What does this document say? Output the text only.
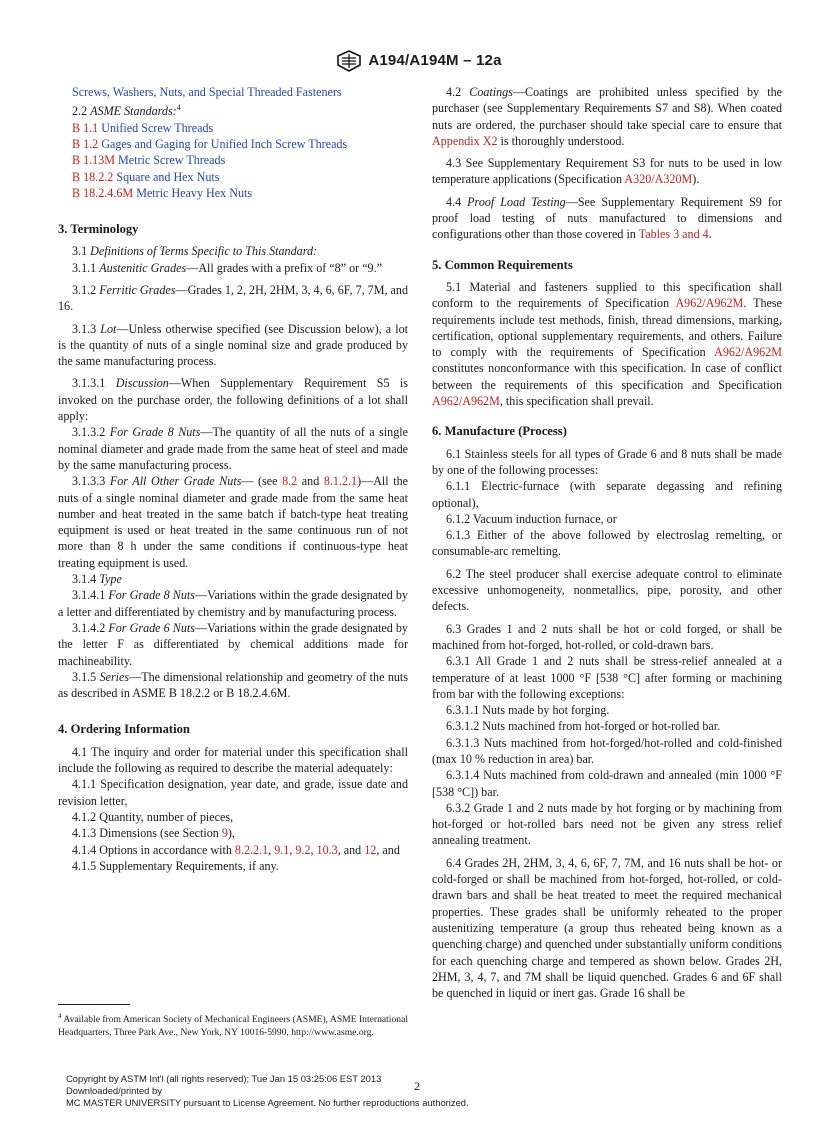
A194/A194M – 12a

Screws, Washers, Nuts, and Special Threaded Fasteners

2.2 ASME Standards:$^4$

B 1.1 Unified Screw Threads

B 1.2 Gages and Gaging for Unified Inch Screw Threads

B 1.13M Metric Screw Threads

B 18.2.2 Square and Hex Nuts

B 18.2.4.6M Metric Heavy Hex Nuts

3. Terminology

3.1 Definitions of Terms Specific to This Standard:

3.1.1 Austenitic Grades—All grades with a prefix of “8” or “9.”

3.1.2 Ferritic Grades—Grades 1, 2, 2H, 2HM, 3, 4, 6, 6F, 7, 7M, and 16.

3.1.3 Lot—Unless otherwise specified (see Discussion below), a lot is the quantity of nuts of a single nominal size and grade produced by the same manufacturing process.

3.1.3.1 Discussion—When Supplementary Requirement S5 is invoked on the purchase order, the following definitions of a lot shall apply:

3.1.3.2 For Grade 8 Nuts—The quantity of all the nuts of a single nominal diameter and grade made from the same heat of steel and made by the same manufacturing process.

3.1.3.3 For All Other Grade Nuts— (see 8.2 and 8.1.2.1)—All the nuts of a single nominal diameter and grade made from the same heat number and heat treated in the same batch if batch-type heat treating equipment is used or heat treated in the same continuous run of not more than 8 h under the same conditions if continuous-type heat treating equipment is used.

3.1.4 Type

3.1.4.1 For Grade 8 Nuts—Variations within the grade designated by a letter and differentiated by chemistry and by manufacturing process.

3.1.4.2 For Grade 6 Nuts—Variations within the grade designated by the letter F as differentiated by chemical additions made for machineability.

3.1.5 Series—The dimensional relationship and geometry of the nuts as described in ASME B 18.2.2 or B 18.2.4.6M.

4. Ordering Information

4.1 The inquiry and order for material under this specification shall include the following as required to describe the material adequately:

4.1.1 Specification designation, year date, and grade, issue date and revision letter,

4.1.2 Quantity, number of pieces,

4.1.3 Dimensions (see Section 9),

4.1.4 Options in accordance with 8.2.2.1, 9.1, 9.2, 10.3, and 12, and

4.1.5 Supplementary Requirements, if any.

4.2 Coatings—Coatings are prohibited unless specified by the purchaser (see Supplementary Requirements S7 and S8). When coated nuts are ordered, the purchaser should take special care to ensure that Appendix X2 is thoroughly understood.

4.3 See Supplementary Requirement S3 for nuts to be used in low temperature applications (Specification A320/A320M).

4.4 Proof Load Testing—See Supplementary Requirement S9 for proof load testing of nuts manufactured to dimensions and configurations other than those covered in Tables 3 and 4.

5. Common Requirements

5.1 Material and fasteners supplied to this specification shall conform to the requirements of Specification A962/A962M. These requirements include test methods, finish, thread dimensions, marking, certification, optional supplementary requirements, and others. Failure to comply with the requirements of Specification A962/A962M constitutes nonconformance with this specification. In case of conflict between the requirements of this specification and Specification A962/A962M, this specification shall prevail.

6. Manufacture (Process)

6.1 Stainless steels for all types of Grade 6 and 8 nuts shall be made by one of the following processes:

6.1.1 Electric-furnace (with separate degassing and refining optional),

6.1.2 Vacuum induction furnace, or

6.1.3 Either of the above followed by electroslag remelting, or consumable-arc remelting.

6.2 The steel producer shall exercise adequate control to eliminate excessive unhomogeneity, nonmetallics, pipe, porosity, and other defects.

6.3 Grades 1 and 2 nuts shall be hot or cold forged, or shall be machined from hot-forged, hot-rolled, or cold-drawn bars.

6.3.1 All Grade 1 and 2 nuts shall be stress-relief annealed at a temperature of at least 1000 °F [538 °C] after forming or machining from bar with the following exceptions:

6.3.1.1 Nuts made by hot forging.

6.3.1.2 Nuts machined from hot-forged or hot-rolled bar.

6.3.1.3 Nuts machined from hot-forged/hot-rolled and cold-finished (max 10 % reduction in area) bar.

6.3.1.4 Nuts machined from cold-drawn and annealed (min 1000 °F [538 °C]) bar.

6.3.2 Grade 1 and 2 nuts made by hot forging or by machining from hot-forged or hot-rolled bars need not be given any stress relief annealing treatment.

6.4 Grades 2H, 2HM, 3, 4, 6, 6F, 7, 7M, and 16 nuts shall be hot- or cold-forged or shall be machined from hot-forged, hot-rolled, or cold-drawn bars and shall be heat treated to meet the required mechanical properties. These grades shall be uniformly reheated to the proper austenitizing temperature (a group thus reheated being known as a quenching charge) and quenched under substantially uniform conditions for each quenching charge and tempered as shown below. Grades 2H, 2HM, 3, 4, 7, and 7M shall be liquid quenched. Grades 6 and 6F shall be quenched in liquid or inert gas. Grade 16 shall be

$^4$ Available from American Society of Mechanical Engineers (ASME), ASME International Headquarters, Three Park Ave., New York, NY 10016-5990, http://www.asme.org.
Copyright by ASTM Int'l (all rights reserved); Tue Jan 15 03:25:06 EST 2013
Downloaded/printed by
MC MASTER UNIVERSITY pursuant to License Agreement. No further reproductions authorized.
2
